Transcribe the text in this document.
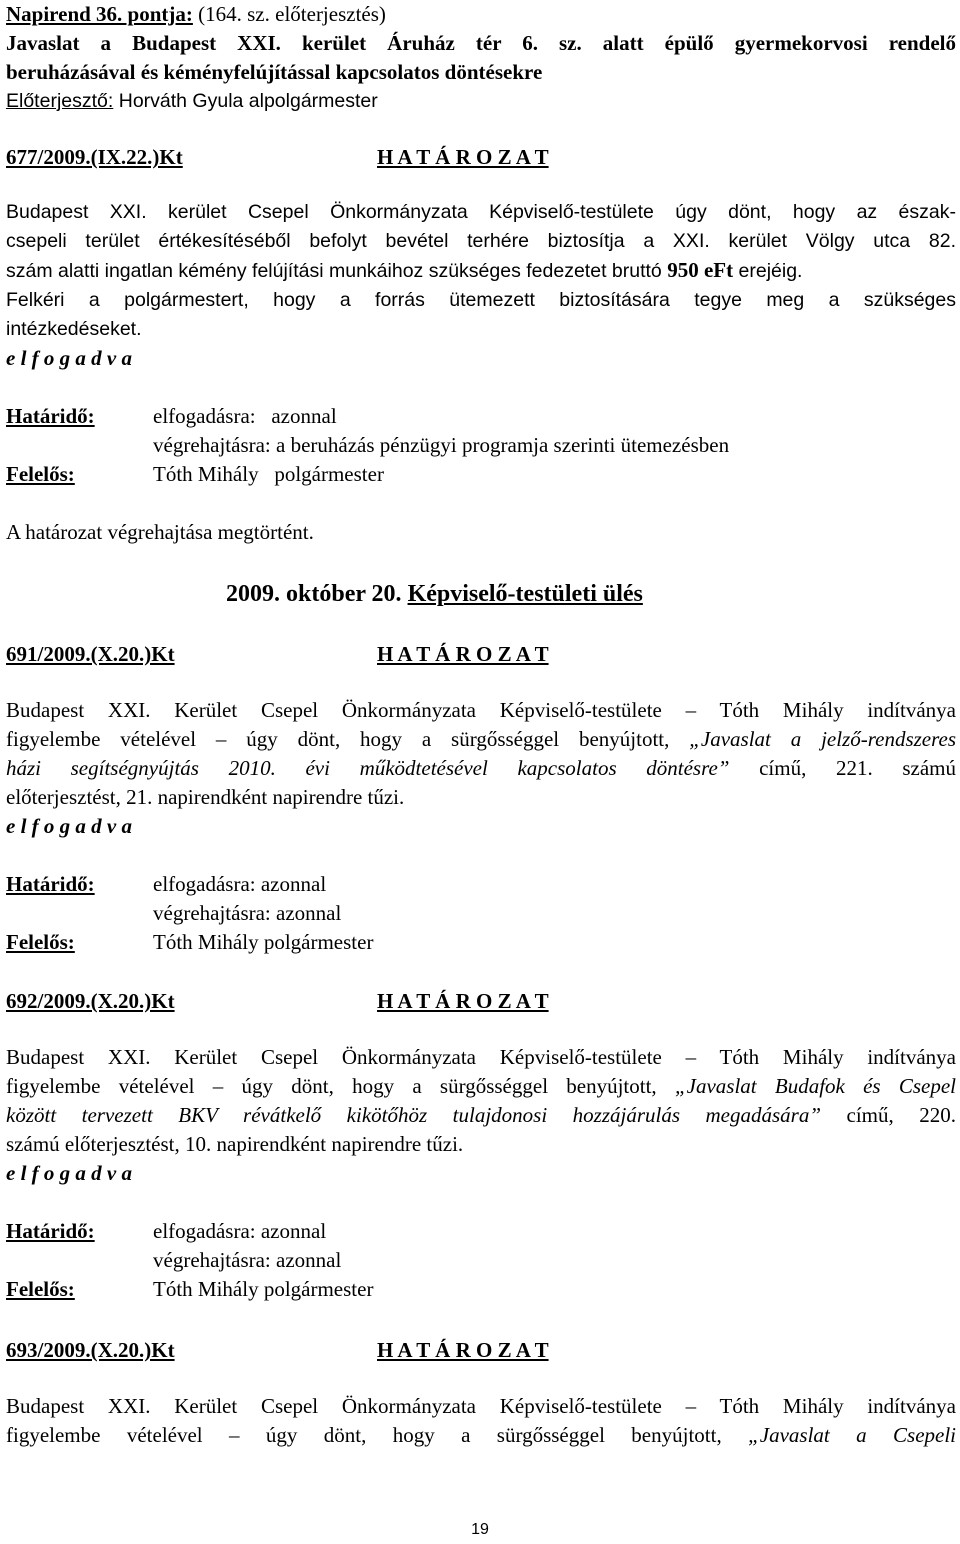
Napirend 36. pontja: (164. sz. előterjesztés)
Javaslat a Budapest XXI. kerület Áruház tér 6. sz. alatt épülő gyermekorvosi rendelő
beruházásával és kéményfelújítással kapcsolatos döntésekre
Előterjesztő: Horváth Gyula alpolgármester
677/2009.(IX.22.)Kt	H A T Á R O Z A T
Budapest XXI. kerület Csepel Önkormányzata Képviselő-testülete úgy dönt, hogy az észak-
csepeli terület értékesítéséből befolyt bevétel terhére biztosítja a XXI. kerület Völgy utca 82.
szám alatti ingatlan kémény felújítási munkáihoz szükséges fedezetet bruttó 950 eFt erejéig.
Felkéri a polgármestert, hogy a forrás ütemezett biztosítására tegye meg a szükséges
intézkedéseket.
e l f o g a d v a
Határidő:	elfogadásra:   azonnal
végrehajtásra: a beruházás pénzügyi programja szerinti ütemezésben
Felelős:	Tóth Mihály   polgármester
A határozat végrehajtása megtörtént.
2009. október 20. Képviselő-testületi ülés
691/2009.(X.20.)Kt	H A T Á R O Z A T
Budapest XXI. Kerület Csepel Önkormányzata Képviselő-testülete – Tóth Mihály indítványa
figyelembe vételével – úgy dönt, hogy a sürgősséggel benyújtott, „Javaslat a jelző-rendszeres
házi segítségnyújtás 2010. évi működtetésével kapcsolatos döntésre” című, 221. számú
előterjesztést, 21. napirendként napirendre tűzi.
e l f o g a d v a
Határidő:	elfogadásra: azonnal
végrehajtásra: azonnal
Felelős:	Tóth Mihály polgármester
692/2009.(X.20.)Kt	H A T Á R O Z A T
Budapest XXI. Kerület Csepel Önkormányzata Képviselő-testülete – Tóth Mihály indítványa
figyelembe vételével – úgy dönt, hogy a sürgősséggel benyújtott, „Javaslat Budafok és Csepel
között tervezett BKV révátkelő kikötőhöz tulajdonosi hozzájárulás megadására” című, 220.
számú előterjesztést, 10. napirendként napirendre tűzi.
e l f o g a d v a
Határidő:	elfogadásra: azonnal
végrehajtásra: azonnal
Felelős:	Tóth Mihály polgármester
693/2009.(X.20.)Kt	H A T Á R O Z A T
Budapest XXI. Kerület Csepel Önkormányzata Képviselő-testülete – Tóth Mihály indítványa
figyelembe vételével – úgy dönt, hogy a sürgősséggel benyújtott, „Javaslat a Csepeli
19
